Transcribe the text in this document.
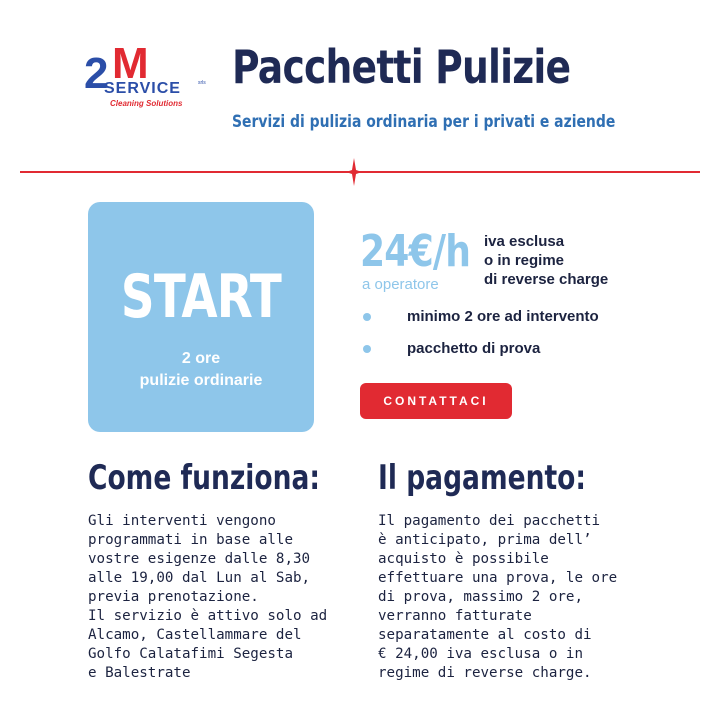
2 M
SERVICE	srls
Cleaning Solutions
Pacchetti Pulizie
Servizi di pulizia ordinaria per i privati e aziende
START
2 ore
pulizie ordinarie
24€/h
a operatore
iva esclusa
o in regime
di reverse charge
minimo 2 ore ad intervento
pacchetto di prova
CONTATTACI
Come funziona: Il pagamento:
Gli interventi vengono
programmati in base alle
vostre esigenze dalle 8,30
alle 19,00 dal Lun al Sab,
previa prenotazione.
Il servizio è attivo solo ad
Alcamo, Castellammare del
Golfo Calatafimi Segesta
e Balestrate
Il pagamento dei pacchetti
è anticipato, prima dell’
acquisto è possibile
effettuare una prova, le ore
di prova, massimo 2 ore,
verranno fatturate
separatamente al costo di
€ 24,00 iva esclusa o in
regime di reverse charge.
